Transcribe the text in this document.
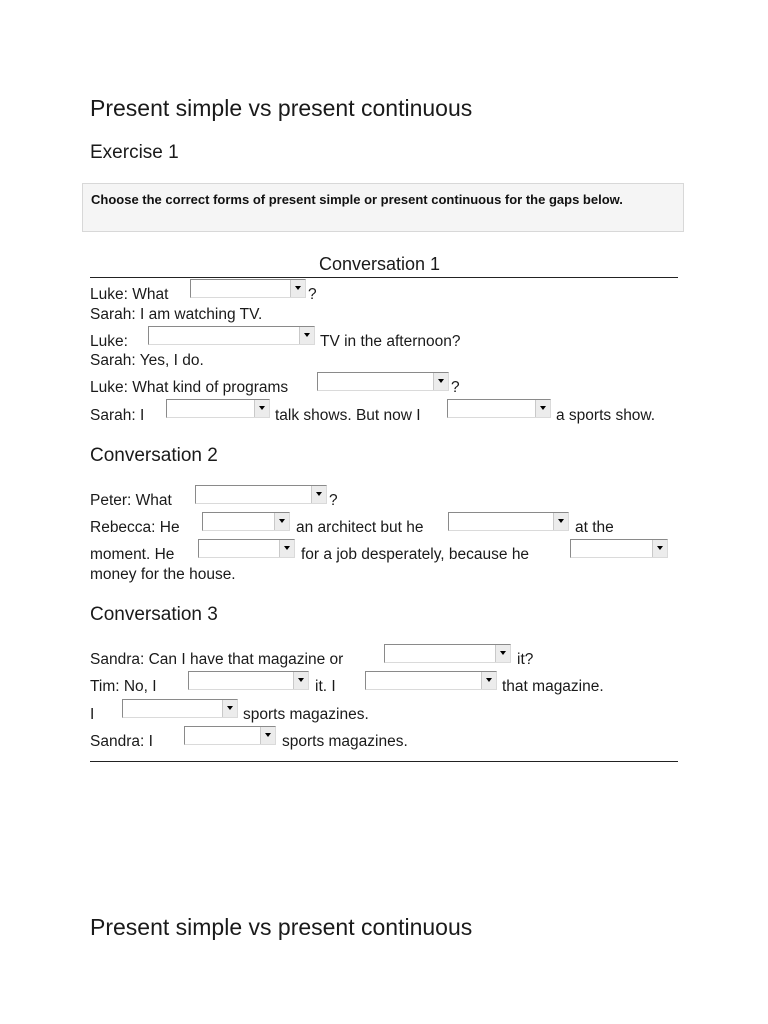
Present simple vs present continuous
Exercise 1
Choose the correct forms of present simple or present continuous for the gaps below.
Conversation 1
Luke: What	?
Sarah: I am watching TV.
Luke:	TV in the afternoon?
Sarah: Yes, I do.
Luke: What kind of programs	?
Sarah: I	talk shows. But now I	a sports show.
Conversation 2
Peter: What	?
Rebecca: He	an architect but he	at the
moment. He	for a job desperately, because he
money for the house.
Conversation 3
Sandra: Can I have that magazine or	it?
Tim: No, I	it. I	that magazine.
I	sports magazines.
Sandra: I	sports magazines.
Present simple vs present continuous
